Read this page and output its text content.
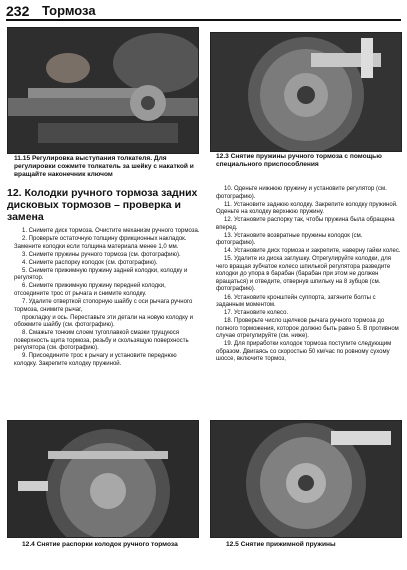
232 Тормоза
11.15 Регулировка выступания толкателя. Для регулировки сожмите толкатель за шейку с накаткой и вращайте наконечник ключом
12.3 Снятие пружины ручного тормоза с помощью специального приспособления
12. Колодки ручного тормоза задних дисковых тормозов – проверка и замена

1. Снимите диск тормоза. Очистите механизм ручного тормоза.

2. Проверьте остаточную толщину фрикционных накладок. Замените колодки если толщина материала менее 1,0 мм.

3. Снимите пружины ручного тормоза (см. фотографию).

4. Снимите распорку колодок (см. фотографию).

5. Снимите прижимную пружину задней колодки, колодку и регулятор.

6. Снимите прижимную пружину передней колодки, отсоедините трос от рычага и снимите колодку.

7. Удалите отверткой стопорную шайбу с оси рычага ручного тормоза, снимите рычаг,

прокладку и ось. Переставьте эти детали на новую колодку и обожмите шайбу (см. фотографию).

8. Смажьте тонким слоем тугоплавкой смазки трущуюся поверхность щита тормоза, резьбу и скользящую поверхность регулятора (см. фотографию).

9. Присоедините трос к рычагу и установите переднюю колодку. Закрепите колодку пружиной.

10. Оденьте нижнюю пружину и установите регулятор (см. фотографию).

11. Установите заднюю колодку. Закрепите колодку пружиной. Оденьте на колодку верхнюю пружину.

12. Установите распорку так, чтобы пружина была обращена вперед.

13. Установите возвратные пружины колодок (см. фотографию).

14. Установите диск тормоза и закрепите, наверну гайки колес.

15. Удалите из диска заглушку. Отрегулируйте колодки, для чего вращая зубчатое колесо шпилькой регулятора разведите колодки до упора в барабан (барабан при этом не должен вращаться) и отведите, отвернув шпильку на 8 зубцов (см. фотографию).

16. Установите кронштейн суппорта, затяните болты с заданным моментом.

17. Установите колесо.

18. Проверьте число щелчков рычага ручного тормоза до полного торможения, которое должно быть равно 5. В противном случае отрегулируйте (см. ниже).

19. Для приработки колодок тормоза поступите следующим образом. Двигаясь со скоростью 50 км/час по ровному сухому шоссе, включите тормоз,

12.4 Снятие распорки колодок ручного тормоза	12.5 Снятие прижимной пружины
